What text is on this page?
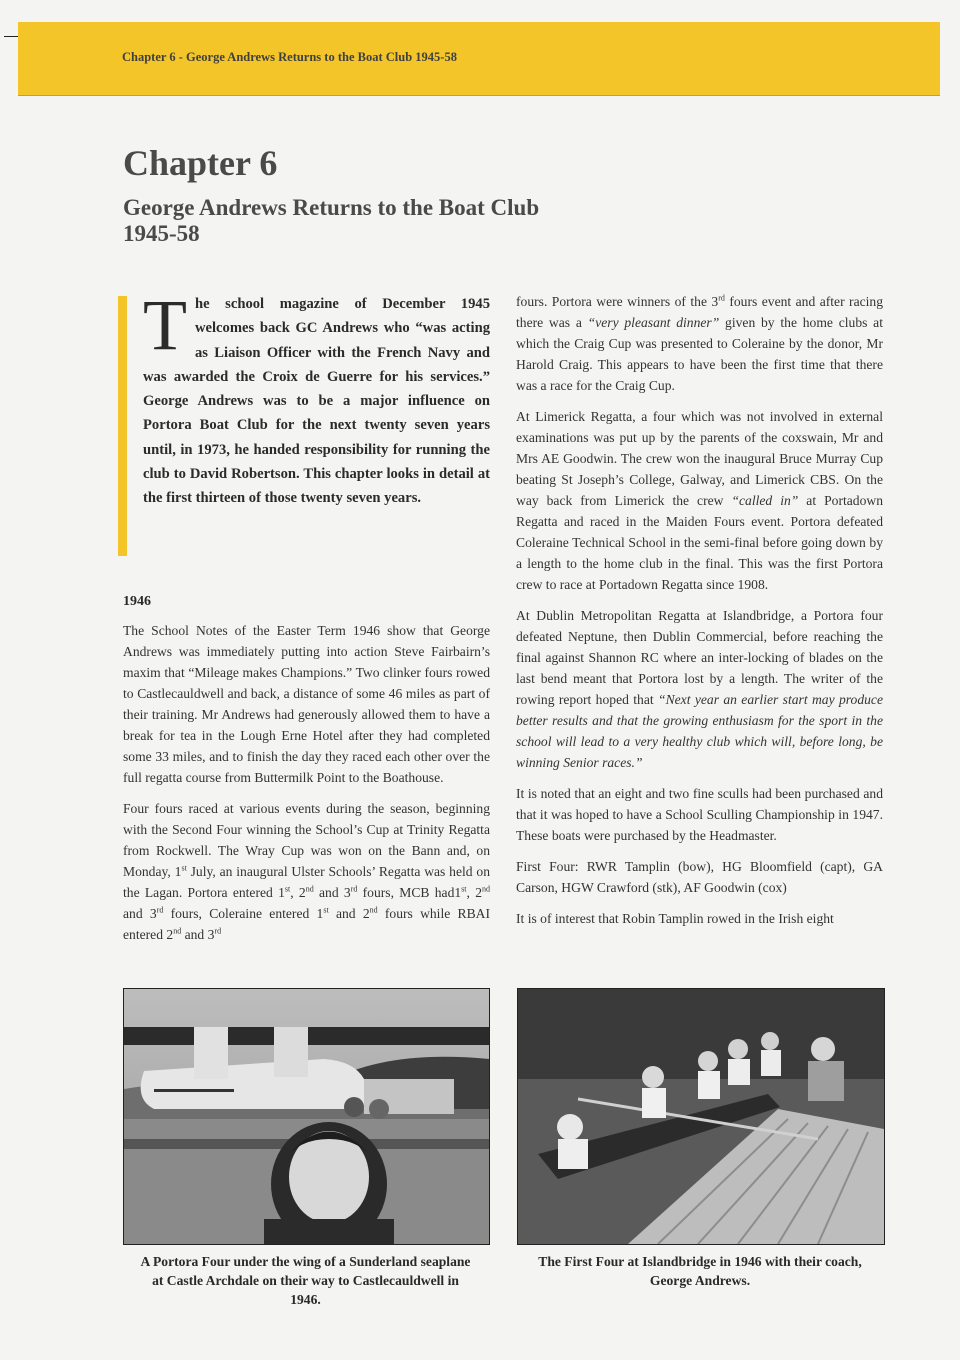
Chapter 6 - George Andrews Returns to the Boat Club 1945-58
Chapter 6
George Andrews Returns to the Boat Club
1945-58
The school magazine of December 1945 welcomes back GC Andrews who “was acting as Liaison Officer with the French Navy and was awarded the Croix de Guerre for his services.” George Andrews was to be a major influence on Portora Boat Club for the next twenty seven years until, in 1973, he handed responsibility for running the club to David Robertson. This chapter looks in detail at the first thirteen of those twenty seven years.
1946

The School Notes of the Easter Term 1946 show that George Andrews was immediately putting into action Steve Fairbairn’s maxim that “Mileage makes Champions.” Two clinker fours rowed to Castlecauldwell and back, a distance of some 46 miles as part of their training. Mr Andrews had generously allowed them to have a break for tea in the Lough Erne Hotel after they had completed some 33 miles, and to finish the day they raced each other over the full regatta course from Buttermilk Point to the Boathouse.

Four fours raced at various events during the season, beginning with the Second Four winning the School’s Cup at Trinity Regatta from Rockwell. The Wray Cup was won on the Bann and, on Monday, 1st July, an inaugural Ulster Schools’ Regatta was held on the Lagan. Portora entered 1st, 2nd and 3rd fours, MCB had1st, 2nd and 3rd fours, Coleraine entered 1st and 2nd fours while RBAI entered 2nd and 3rd

fours. Portora were winners of the 3rd fours event and after racing there was a “very pleasant dinner” given by the home clubs at which the Craig Cup was presented to Coleraine by the donor, Mr Harold Craig. This appears to have been the first time that there was a race for the Craig Cup.

At Limerick Regatta, a four which was not involved in external examinations was put up by the parents of the coxswain, Mr and Mrs AE Goodwin. The crew won the inaugural Bruce Murray Cup beating St Joseph’s College, Galway, and Limerick CBS. On the way back from Limerick the crew “called in” at Portadown Regatta and raced in the Maiden Fours event. Portora defeated Coleraine Technical School in the semi-final before going down by a length to the home club in the final. This was the first Portora crew to race at Portadown Regatta since 1908.

At Dublin Metropolitan Regatta at Islandbridge, a Portora four defeated Neptune, then Dublin Commercial, before reaching the final against Shannon RC where an inter-locking of blades on the last bend meant that Portora lost by a length. The writer of the rowing report hoped that “Next year an earlier start may produce better results and that the growing enthusiasm for the sport in the school will lead to a very healthy club which will, before long, be winning Senior races.”

It is noted that an eight and two fine sculls had been purchased and that it was hoped to have a School Sculling Championship in 1947. These boats were purchased by the Headmaster.

First Four: RWR Tamplin (bow), HG Bloomfield (capt), GA Carson, HGW Crawford (stk), AF Goodwin (cox)

It is of interest that Robin Tamplin rowed in the Irish eight

A Portora Four under the wing of a Sunderland seaplane at Castle Archdale on their way to Castlecauldwell in 1946.
The First Four at Islandbridge in 1946 with their coach, George Andrews.
